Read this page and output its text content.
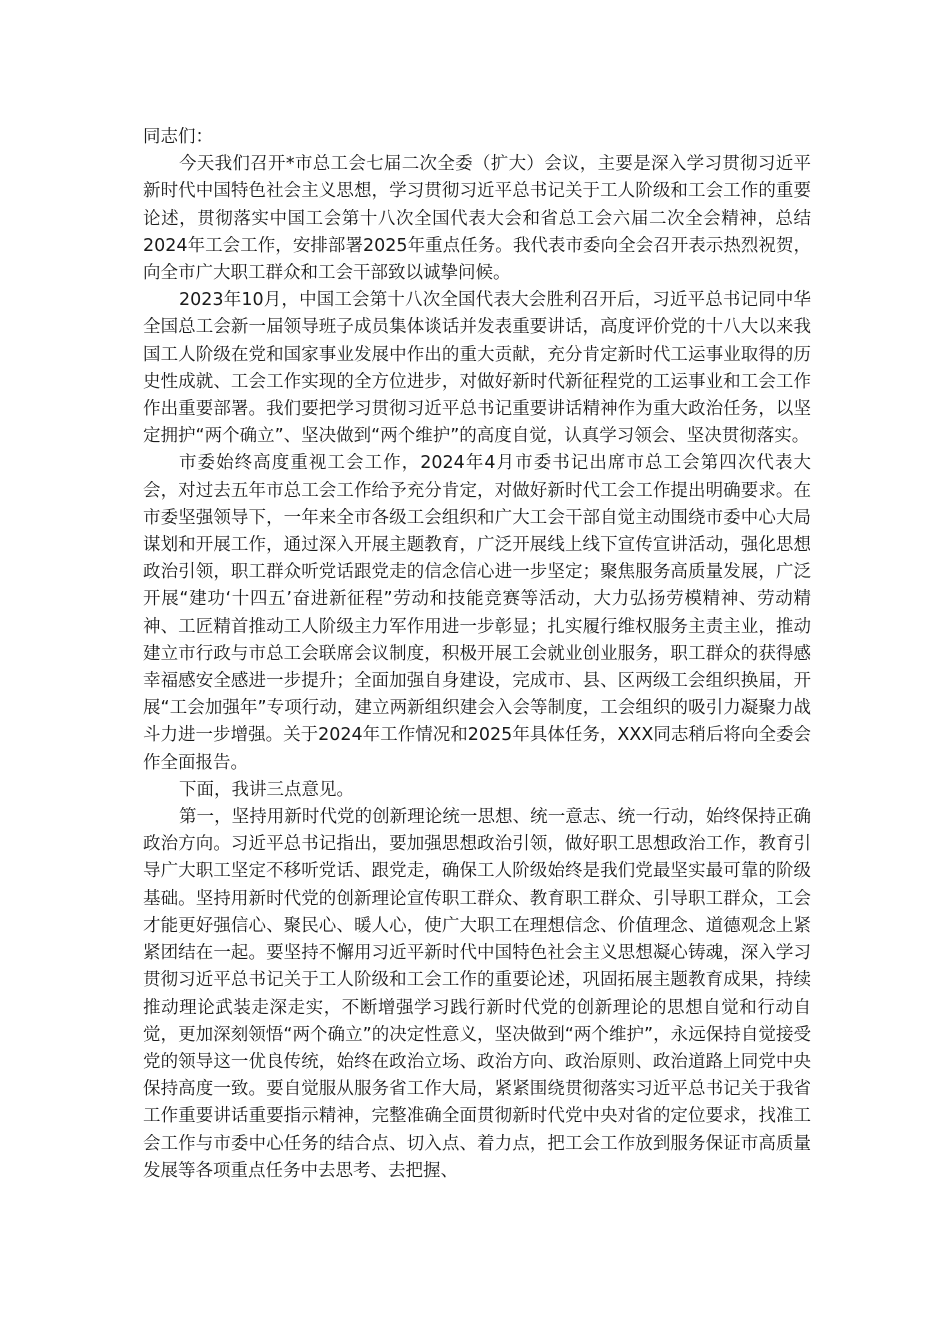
同志们：

今天我们召开*市总工会七届二次全委（扩大）会议，主要是深入学习贯彻习近平新时代中国特色社会主义思想，学习贯彻习近平总书记关于工人阶级和工会工作的重要论述，贯彻落实中国工会第十八次全国代表大会和省总工会六届二次全会精神，总结2024年工会工作，安排部署2025年重点任务。我代表市委向全会召开表示热烈祝贺，向全市广大职工群众和工会干部致以诚挚问候。

2023年10月，中国工会第十八次全国代表大会胜利召开后，习近平总书记同中华全国总工会新一届领导班子成员集体谈话并发表重要讲话，高度评价党的十八大以来我国工人阶级在党和国家事业发展中作出的重大贡献，充分肯定新时代工运事业取得的历史性成就、工会工作实现的全方位进步，对做好新时代新征程党的工运事业和工会工作作出重要部署。我们要把学习贯彻习近平总书记重要讲话精神作为重大政治任务，以坚定拥护“两个确立”、坚决做到“两个维护”的高度自觉，认真学习领会、坚决贯彻落实。

市委始终高度重视工会工作，2024年4月市委书记出席市总工会第四次代表大会，对过去五年市总工会工作给予充分肯定，对做好新时代工会工作提出明确要求。在市委坚强领导下，一年来全市各级工会组织和广大工会干部自觉主动围绕市委中心大局谋划和开展工作，通过深入开展主题教育，广泛开展线上线下宣传宣讲活动，强化思想政治引领，职工群众听党话跟党走的信念信心进一步坚定；聚焦服务高质量发展，广泛开展“建功‘十四五’奋进新征程”劳动和技能竞赛等活动，大力弘扬劳模精神、劳动精神、工匠精首推动工人阶级主力军作用进一步彰显；扎实履行维权服务主责主业，推动建立市行政与市总工会联席会议制度，积极开展工会就业创业服务，职工群众的获得感幸福感安全感进一步提升；全面加强自身建设，完成市、县、区两级工会组织换届，开展“工会加强年”专项行动，建立两新组织建会入会等制度，工会组织的吸引力凝聚力战斗力进一步增强。关于2024年工作情况和2025年具体任务，XXX同志稍后将向全委会作全面报告。

下面，我讲三点意见。

第一，坚持用新时代党的创新理论统一思想、统一意志、统一行动，始终保持正确政治方向。习近平总书记指出，要加强思想政治引领，做好职工思想政治工作，教育引导广大职工坚定不移听党话、跟党走，确保工人阶级始终是我们党最坚实最可靠的阶级基础。坚持用新时代党的创新理论宣传职工群众、教育职工群众、引导职工群众，工会才能更好强信心、聚民心、暖人心，使广大职工在理想信念、价值理念、道德观念上紧紧团结在一起。要坚持不懈用习近平新时代中国特色社会主义思想凝心铸魂，深入学习贯彻习近平总书记关于工人阶级和工会工作的重要论述，巩固拓展主题教育成果，持续推动理论武装走深走实，不断增强学习践行新时代党的创新理论的思想自觉和行动自觉，更加深刻领悟“两个确立”的决定性意义，坚决做到“两个维护”，永远保持自觉接受党的领导这一优良传统，始终在政治立场、政治方向、政治原则、政治道路上同党中央保持高度一致。要自觉服从服务省工作大局，紧紧围绕贯彻落实习近平总书记关于我省工作重要讲话重要指示精神，完整准确全面贯彻新时代党中央对省的定位要求，找准工会工作与市委中心任务的结合点、切入点、着力点，把工会工作放到服务保证市高质量发展等各项重点任务中去思考、去把握、
